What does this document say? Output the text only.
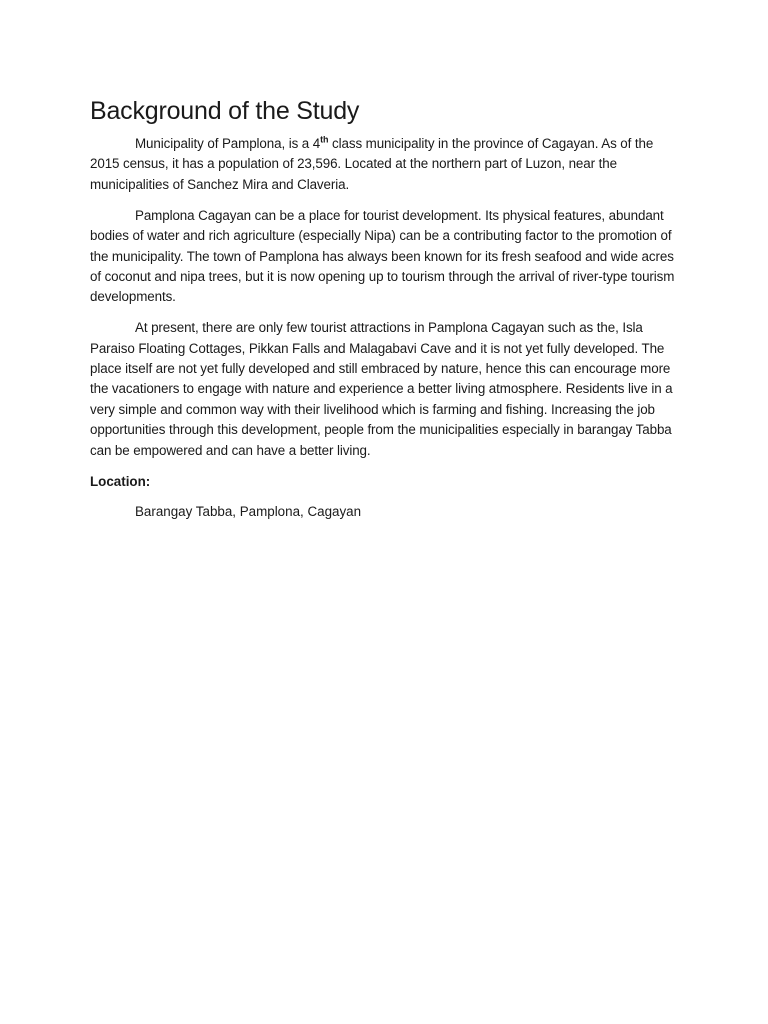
Background of the Study

Municipality of Pamplona, is a 4th class municipality in the province of Cagayan. As of the 2015 census, it has a population of 23,596. Located at the northern part of Luzon, near the municipalities of Sanchez Mira and Claveria.

Pamplona Cagayan can be a place for tourist development. Its physical features, abundant bodies of water and rich agriculture (especially Nipa) can be a contributing factor to the promotion of the municipality. The town of Pamplona has always been known for its fresh seafood and wide acres of coconut and nipa trees, but it is now opening up to tourism through the arrival of river-type tourism developments.

At present, there are only few tourist attractions in Pamplona Cagayan such as the, Isla Paraiso Floating Cottages, Pikkan Falls and Malagabavi Cave and it is not yet fully developed. The place itself are not yet fully developed and still embraced by nature, hence this can encourage more the vacationers to engage with nature and experience a better living atmosphere. Residents live in a very simple and common way with their livelihood which is farming and fishing. Increasing the job opportunities through this development, people from the municipalities especially in barangay Tabba can be empowered and can have a better living.

Location:

Barangay Tabba, Pamplona, Cagayan
